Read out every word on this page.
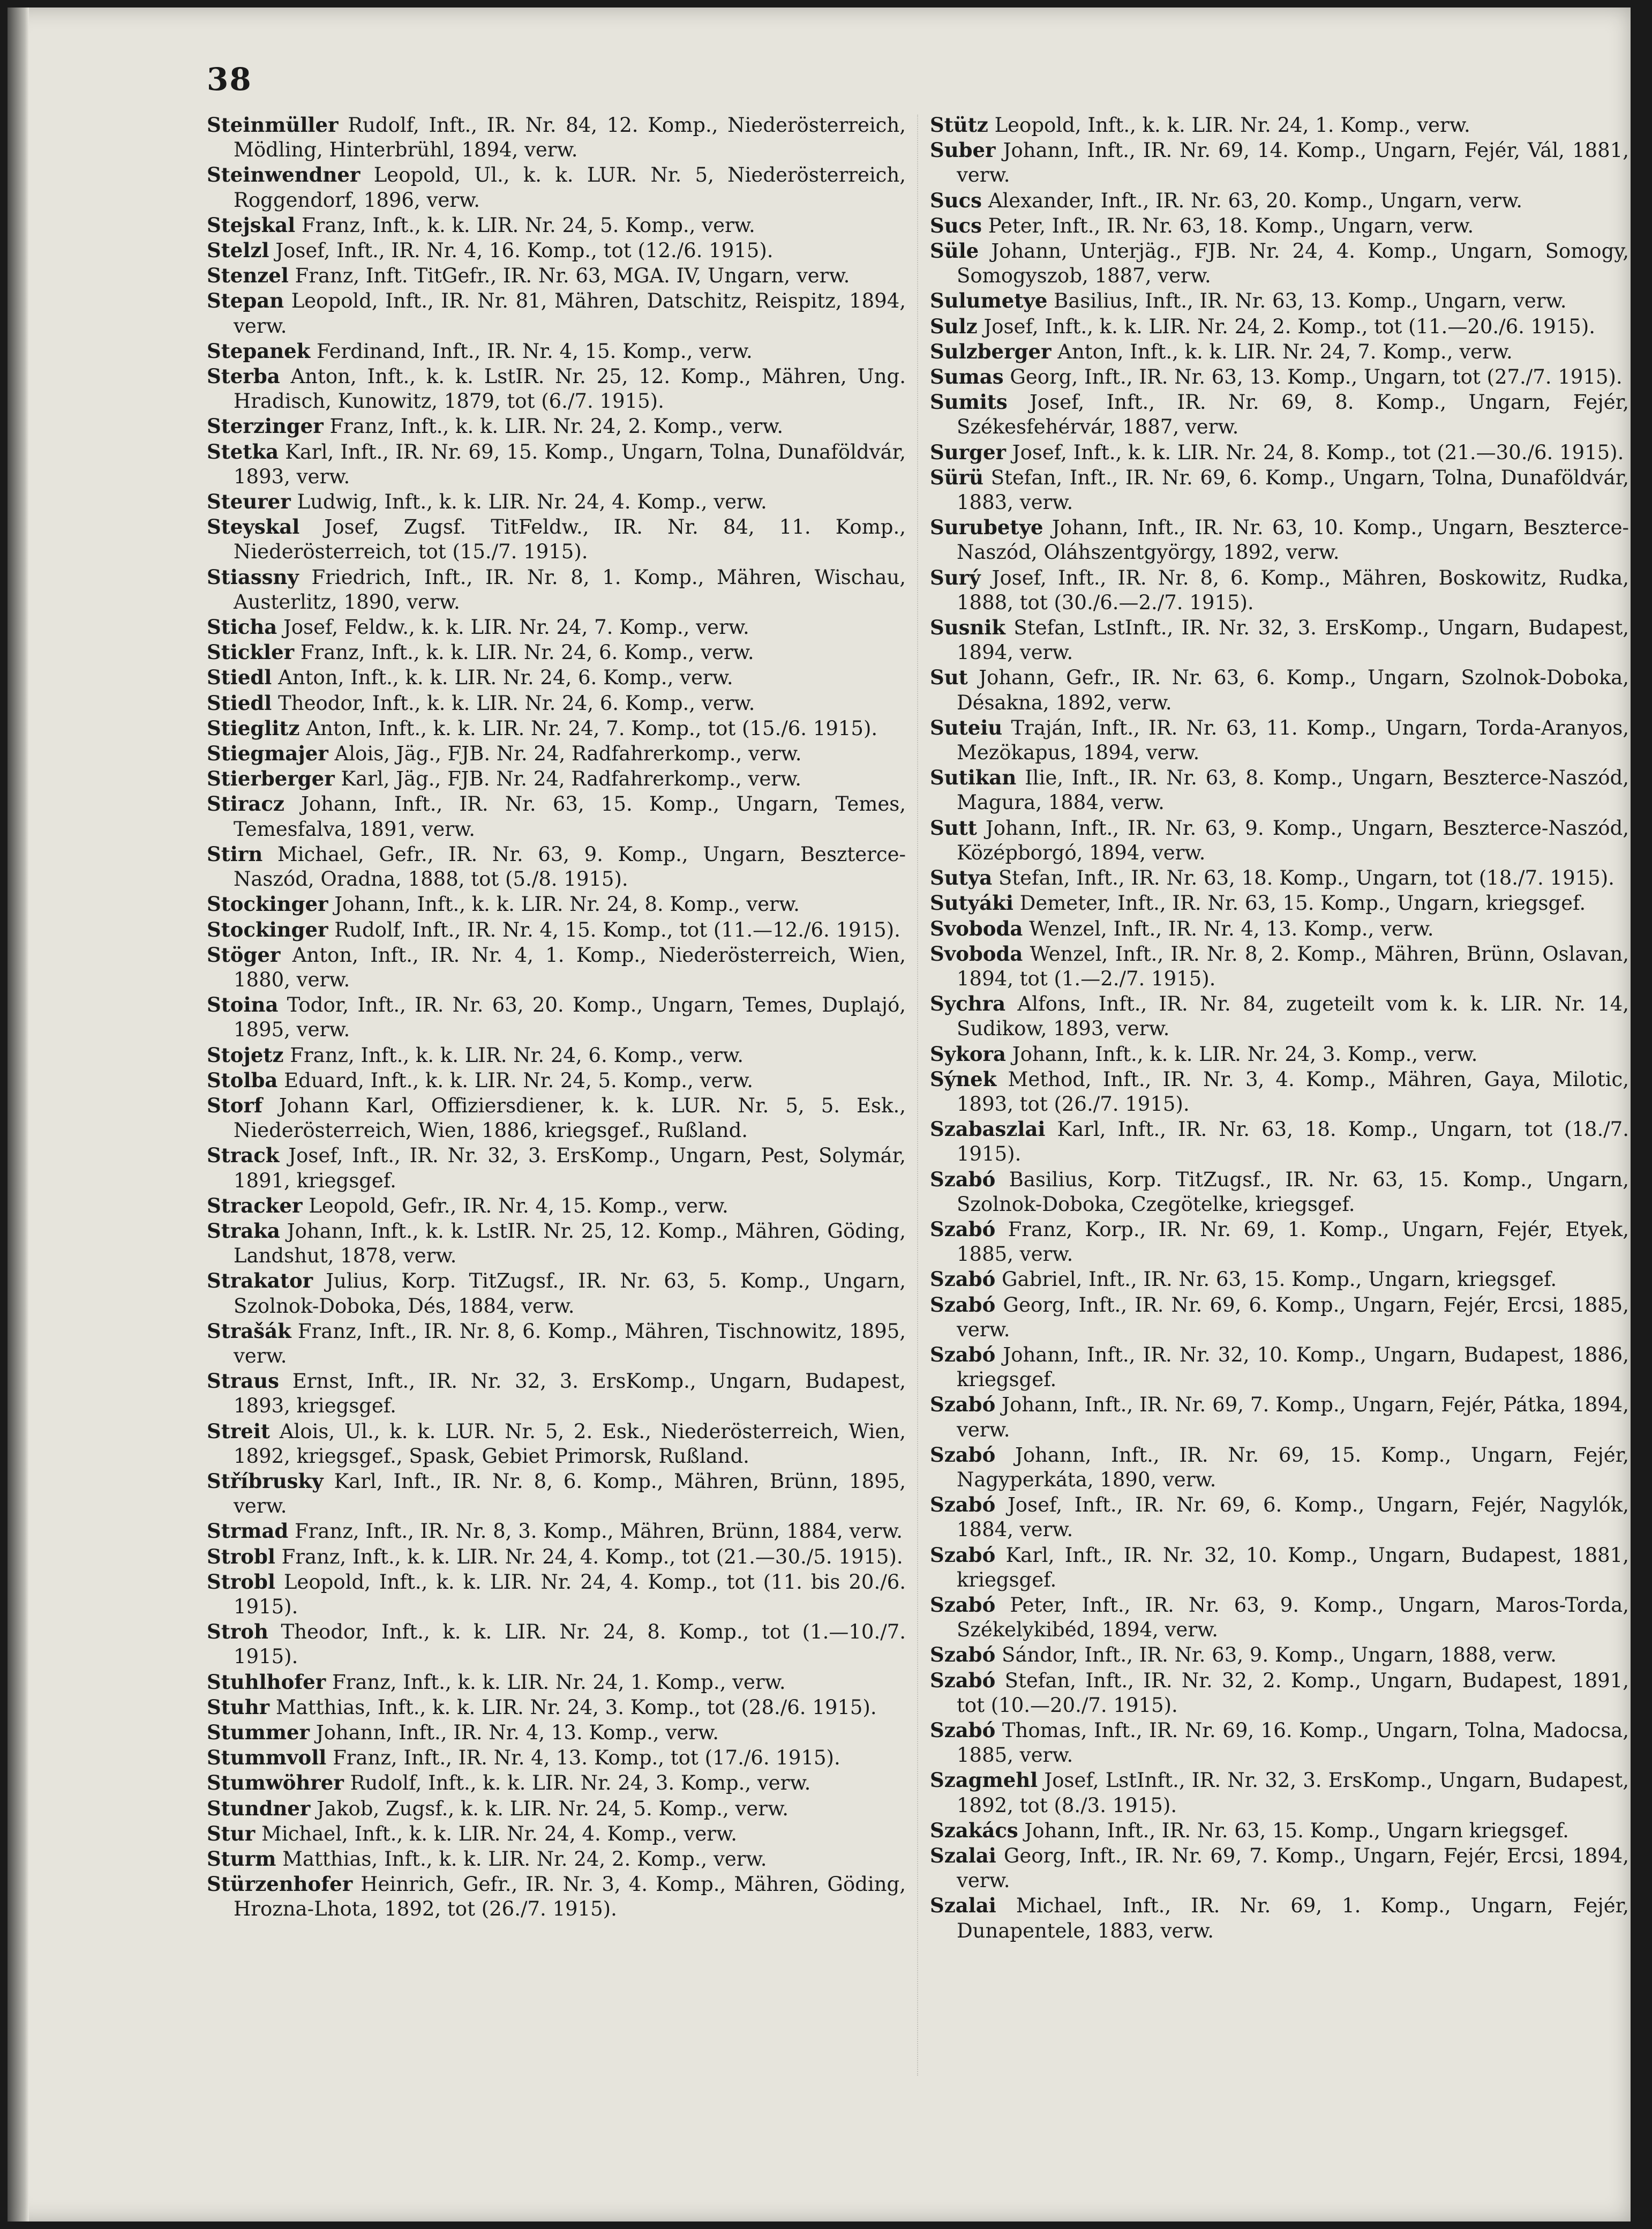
38

Steinmüller Rudolf, Inft., IR. Nr. 84, 12. Komp., Niederösterreich, Mödling, Hinterbrühl, 1894, verw.

Steinwendner Leopold, Ul., k. k. LUR. Nr. 5, Niederösterreich, Roggendorf, 1896, verw.

Stejskal Franz, Inft., k. k. LIR. Nr. 24, 5. Komp., verw.

Stelzl Josef, Inft., IR. Nr. 4, 16. Komp., tot (12./6. 1915).

Stenzel Franz, Inft. TitGefr., IR. Nr. 63, MGA. IV, Ungarn, verw.

Stepan Leopold, Inft., IR. Nr. 81, Mähren, Datschitz, Reispitz, 1894, verw.

Stepanek Ferdinand, Inft., IR. Nr. 4, 15. Komp., verw.

Sterba Anton, Inft., k. k. LstIR. Nr. 25, 12. Komp., Mähren, Ung. Hradisch, Kunowitz, 1879, tot (6./7. 1915).

Sterzinger Franz, Inft., k. k. LIR. Nr. 24, 2. Komp., verw.

Stetka Karl, Inft., IR. Nr. 69, 15. Komp., Ungarn, Tolna, Dunaföldvár, 1893, verw.

Steurer Ludwig, Inft., k. k. LIR. Nr. 24, 4. Komp., verw.

Steyskal Josef, Zugsf. TitFeldw., IR. Nr. 84, 11. Komp., Niederösterreich, tot (15./7. 1915).

Stiassny Friedrich, Inft., IR. Nr. 8, 1. Komp., Mähren, Wischau, Austerlitz, 1890, verw.

Sticha Josef, Feldw., k. k. LIR. Nr. 24, 7. Komp., verw.

Stickler Franz, Inft., k. k. LIR. Nr. 24, 6. Komp., verw.

Stiedl Anton, Inft., k. k. LIR. Nr. 24, 6. Komp., verw.

Stiedl Theodor, Inft., k. k. LIR. Nr. 24, 6. Komp., verw.

Stieglitz Anton, Inft., k. k. LIR. Nr. 24, 7. Komp., tot (15./6. 1915).

Stiegmajer Alois, Jäg., FJB. Nr. 24, Radfahrerkomp., verw.

Stierberger Karl, Jäg., FJB. Nr. 24, Radfahrerkomp., verw.

Stiracz Johann, Inft., IR. Nr. 63, 15. Komp., Ungarn, Temes, Temesfalva, 1891, verw.

Stirn Michael, Gefr., IR. Nr. 63, 9. Komp., Ungarn, Beszterce-Naszód, Oradna, 1888, tot (5./8. 1915).

Stockinger Johann, Inft., k. k. LIR. Nr. 24, 8. Komp., verw.

Stockinger Rudolf, Inft., IR. Nr. 4, 15. Komp., tot (11.—12./6. 1915).

Stöger Anton, Inft., IR. Nr. 4, 1. Komp., Niederösterreich, Wien, 1880, verw.

Stoina Todor, Inft., IR. Nr. 63, 20. Komp., Ungarn, Temes, Duplajó, 1895, verw.

Stojetz Franz, Inft., k. k. LIR. Nr. 24, 6. Komp., verw.

Stolba Eduard, Inft., k. k. LIR. Nr. 24, 5. Komp., verw.

Storf Johann Karl, Offiziersdiener, k. k. LUR. Nr. 5, 5. Esk., Niederösterreich, Wien, 1886, kriegsgef., Rußland.

Strack Josef, Inft., IR. Nr. 32, 3. ErsKomp., Ungarn, Pest, Solymár, 1891, kriegsgef.

Stracker Leopold, Gefr., IR. Nr. 4, 15. Komp., verw.

Straka Johann, Inft., k. k. LstIR. Nr. 25, 12. Komp., Mähren, Göding, Landshut, 1878, verw.

Strakator Julius, Korp. TitZugsf., IR. Nr. 63, 5. Komp., Ungarn, Szolnok-Doboka, Dés, 1884, verw.

Strašák Franz, Inft., IR. Nr. 8, 6. Komp., Mähren, Tischnowitz, 1895, verw.

Straus Ernst, Inft., IR. Nr. 32, 3. ErsKomp., Ungarn, Budapest, 1893, kriegsgef.

Streit Alois, Ul., k. k. LUR. Nr. 5, 2. Esk., Niederösterreich, Wien, 1892, kriegsgef., Spask, Gebiet Primorsk, Rußland.

Stříbrusky Karl, Inft., IR. Nr. 8, 6. Komp., Mähren, Brünn, 1895, verw.

Strmad Franz, Inft., IR. Nr. 8, 3. Komp., Mähren, Brünn, 1884, verw.

Strobl Franz, Inft., k. k. LIR. Nr. 24, 4. Komp., tot (21.—30./5. 1915).

Strobl Leopold, Inft., k. k. LIR. Nr. 24, 4. Komp., tot (11. bis 20./6. 1915).

Stroh Theodor, Inft., k. k. LIR. Nr. 24, 8. Komp., tot (1.—10./7. 1915).

Stuhlhofer Franz, Inft., k. k. LIR. Nr. 24, 1. Komp., verw.

Stuhr Matthias, Inft., k. k. LIR. Nr. 24, 3. Komp., tot (28./6. 1915).

Stummer Johann, Inft., IR. Nr. 4, 13. Komp., verw.

Stummvoll Franz, Inft., IR. Nr. 4, 13. Komp., tot (17./6. 1915).

Stumwöhrer Rudolf, Inft., k. k. LIR. Nr. 24, 3. Komp., verw.

Stundner Jakob, Zugsf., k. k. LIR. Nr. 24, 5. Komp., verw.

Stur Michael, Inft., k. k. LIR. Nr. 24, 4. Komp., verw.

Sturm Matthias, Inft., k. k. LIR. Nr. 24, 2. Komp., verw.

Stürzenhofer Heinrich, Gefr., IR. Nr. 3, 4. Komp., Mähren, Göding, Hrozna-Lhota, 1892, tot (26./7. 1915).

Stütz Leopold, Inft., k. k. LIR. Nr. 24, 1. Komp., verw.

Suber Johann, Inft., IR. Nr. 69, 14. Komp., Ungarn, Fejér, Vál, 1881, verw.

Sucs Alexander, Inft., IR. Nr. 63, 20. Komp., Ungarn, verw.

Sucs Peter, Inft., IR. Nr. 63, 18. Komp., Ungarn, verw.

Süle Johann, Unterjäg., FJB. Nr. 24, 4. Komp., Ungarn, Somogy, Somogyszob, 1887, verw.

Sulumetye Basilius, Inft., IR. Nr. 63, 13. Komp., Ungarn, verw.

Sulz Josef, Inft., k. k. LIR. Nr. 24, 2. Komp., tot (11.—20./6. 1915).

Sulzberger Anton, Inft., k. k. LIR. Nr. 24, 7. Komp., verw.

Sumas Georg, Inft., IR. Nr. 63, 13. Komp., Ungarn, tot (27./7. 1915).

Sumits Josef, Inft., IR. Nr. 69, 8. Komp., Ungarn, Fejér, Székesfehérvár, 1887, verw.

Surger Josef, Inft., k. k. LIR. Nr. 24, 8. Komp., tot (21.—30./6. 1915).

Sürü Stefan, Inft., IR. Nr. 69, 6. Komp., Ungarn, Tolna, Dunaföldvár, 1883, verw.

Surubetye Johann, Inft., IR. Nr. 63, 10. Komp., Ungarn, Beszterce-Naszód, Oláhszentgyörgy, 1892, verw.

Surý Josef, Inft., IR. Nr. 8, 6. Komp., Mähren, Boskowitz, Rudka, 1888, tot (30./6.—2./7. 1915).

Susnik Stefan, LstInft., IR. Nr. 32, 3. ErsKomp., Ungarn, Budapest, 1894, verw.

Sut Johann, Gefr., IR. Nr. 63, 6. Komp., Ungarn, Szolnok-Doboka, Désakna, 1892, verw.

Suteiu Traján, Inft., IR. Nr. 63, 11. Komp., Ungarn, Torda-Aranyos, Mezökapus, 1894, verw.

Sutikan Ilie, Inft., IR. Nr. 63, 8. Komp., Ungarn, Beszterce-Naszód, Magura, 1884, verw.

Sutt Johann, Inft., IR. Nr. 63, 9. Komp., Ungarn, Beszterce-Naszód, Középborgó, 1894, verw.

Sutya Stefan, Inft., IR. Nr. 63, 18. Komp., Ungarn, tot (18./7. 1915).

Sutyáki Demeter, Inft., IR. Nr. 63, 15. Komp., Ungarn, kriegsgef.

Svoboda Wenzel, Inft., IR. Nr. 4, 13. Komp., verw.

Svoboda Wenzel, Inft., IR. Nr. 8, 2. Komp., Mähren, Brünn, Oslavan, 1894, tot (1.—2./7. 1915).

Sychra Alfons, Inft., IR. Nr. 84, zugeteilt vom k. k. LIR. Nr. 14, Sudikow, 1893, verw.

Sykora Johann, Inft., k. k. LIR. Nr. 24, 3. Komp., verw.

Sýnek Method, Inft., IR. Nr. 3, 4. Komp., Mähren, Gaya, Milotic, 1893, tot (26./7. 1915).

Szabaszlai Karl, Inft., IR. Nr. 63, 18. Komp., Ungarn, tot (18./7. 1915).

Szabó Basilius, Korp. TitZugsf., IR. Nr. 63, 15. Komp., Ungarn, Szolnok-Doboka, Czegötelke, kriegsgef.

Szabó Franz, Korp., IR. Nr. 69, 1. Komp., Ungarn, Fejér, Etyek, 1885, verw.

Szabó Gabriel, Inft., IR. Nr. 63, 15. Komp., Ungarn, kriegsgef.

Szabó Georg, Inft., IR. Nr. 69, 6. Komp., Ungarn, Fejér, Ercsi, 1885, verw.

Szabó Johann, Inft., IR. Nr. 32, 10. Komp., Ungarn, Budapest, 1886, kriegsgef.

Szabó Johann, Inft., IR. Nr. 69, 7. Komp., Ungarn, Fejér, Pátka, 1894, verw.

Szabó Johann, Inft., IR. Nr. 69, 15. Komp., Ungarn, Fejér, Nagyperkáta, 1890, verw.

Szabó Josef, Inft., IR. Nr. 69, 6. Komp., Ungarn, Fejér, Nagylók, 1884, verw.

Szabó Karl, Inft., IR. Nr. 32, 10. Komp., Ungarn, Budapest, 1881, kriegsgef.

Szabó Peter, Inft., IR. Nr. 63, 9. Komp., Ungarn, Maros-Torda, Székelykibéd, 1894, verw.

Szabó Sándor, Inft., IR. Nr. 63, 9. Komp., Ungarn, 1888, verw.

Szabó Stefan, Inft., IR. Nr. 32, 2. Komp., Ungarn, Budapest, 1891, tot (10.—20./7. 1915).

Szabó Thomas, Inft., IR. Nr. 69, 16. Komp., Ungarn, Tolna, Madocsa, 1885, verw.

Szagmehl Josef, LstInft., IR. Nr. 32, 3. ErsKomp., Ungarn, Budapest, 1892, tot (8./3. 1915).

Szakács Johann, Inft., IR. Nr. 63, 15. Komp., Ungarn kriegsgef.

Szalai Georg, Inft., IR. Nr. 69, 7. Komp., Ungarn, Fejér, Ercsi, 1894, verw.

Szalai Michael, Inft., IR. Nr. 69, 1. Komp., Ungarn, Fejér, Dunapentele, 1883, verw.
